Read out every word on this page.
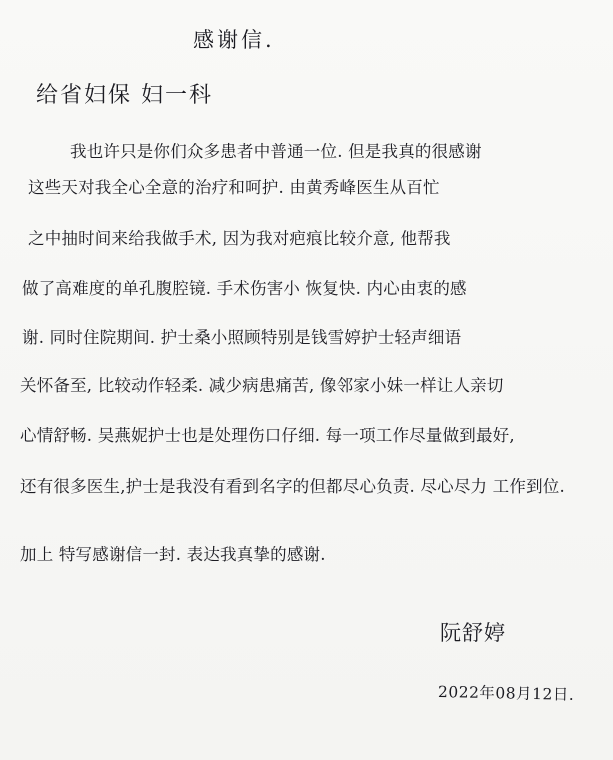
感谢信.
给省妇保 妇一科
我也许只是你们众多患者中普通一位. 但是我真的很感谢
这些天对我全心全意的治疗和呵护. 由黄秀峰医生从百忙
之中抽时间来给我做手术, 因为我对疤痕比较介意, 他帮我
做了高难度的单孔腹腔镜. 手术伤害小 恢复快. 内心由衷的感
谢. 同时住院期间. 护士桑小照顾特别是钱雪婷护士轻声细语
关怀备至, 比较动作轻柔. 减少病患痛苦, 像邻家小妹一样让人亲切
心情舒畅. 吴燕妮护士也是处理伤口仔细. 每一项工作尽量做到最好,
还有很多医生,护士是我没有看到名字的但都尽心负责. 尽心尽力 工作到位.
加上 特写感谢信一封. 表达我真挚的感谢.
阮舒婷
2022年08月12日.
